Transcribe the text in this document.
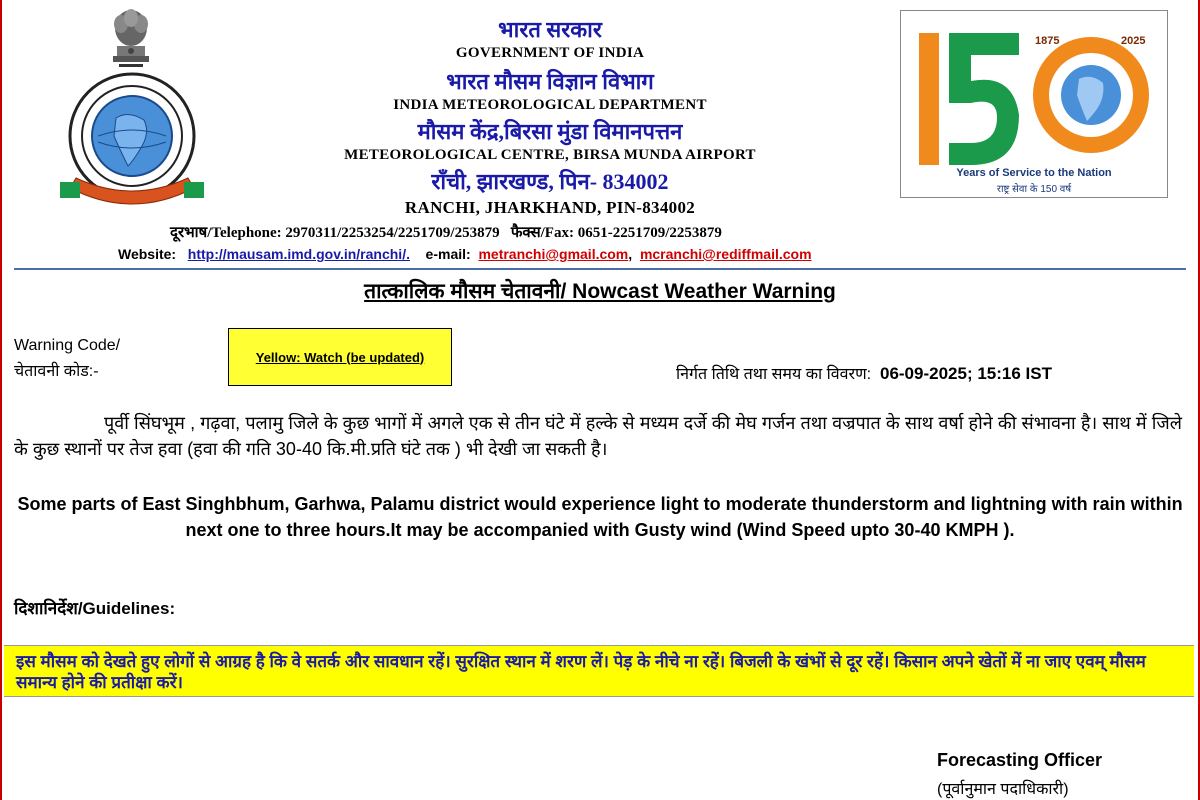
भारत सरकार
GOVERNMENT OF INDIA
भारत मौसम विज्ञान विभाग
INDIA METEOROLOGICAL DEPARTMENT
मौसम केंद्र,बिरसा मुंडा विमानपत्तन
METEOROLOGICAL CENTRE, BIRSA MUNDA AIRPORT
राँची, झारखण्ड, पिन- 834002
RANCHI, JHARKHAND, PIN-834002
1875	2025
Years of Service to the Nation
राष्ट्र सेवा के 150 वर्ष
दूरभाष/Telephone: 2970311/2253254/2251709/253879 फैक्स/Fax: 0651-2251709/2253879
Website: http://mausam.imd.gov.in/ranchi/. e-mail: metranchi@gmail.com, mcranchi@rediffmail.com
तात्कालिक मौसम चेतावनी/ Nowcast Weather Warning
Warning Code/
चेतावनी कोड:-
Yellow: Watch (be updated)
निर्गत तिथि तथा समय का विवरण: 06-09-2025; 15:16 IST
पूर्वी सिंघभूम , गढ़वा, पलामु जिले के कुछ भागों में अगले एक से तीन घंटे में हल्के से मध्यम दर्जे की मेघ गर्जन तथा वज्रपात के साथ वर्षा होने की संभावना है। साथ में जिले के कुछ स्थानों पर तेज हवा (हवा की गति 30-40 कि.मी.प्रति घंटे तक ) भी देखी जा सकती है।
Some parts of East Singhbhum, Garhwa, Palamu district would experience light to moderate thunderstorm and lightning with rain within next one to three hours.It may be accompanied with Gusty wind (Wind Speed upto 30-40 KMPH ).
दिशानिर्देश/Guidelines:
इस मौसम को देखते हुए लोगों से आग्रह है कि वे सतर्क और सावधान रहें। सुरक्षित स्थान में शरण लें। पेड़ के नीचे ना रहें। बिजली के खंभों से दूर रहें। किसान अपने खेतों में ना जाए एवम् मौसम समान्य होने की प्रतीक्षा करें।
Forecasting Officer
(पूर्वानुमान पदाधिकारी)
